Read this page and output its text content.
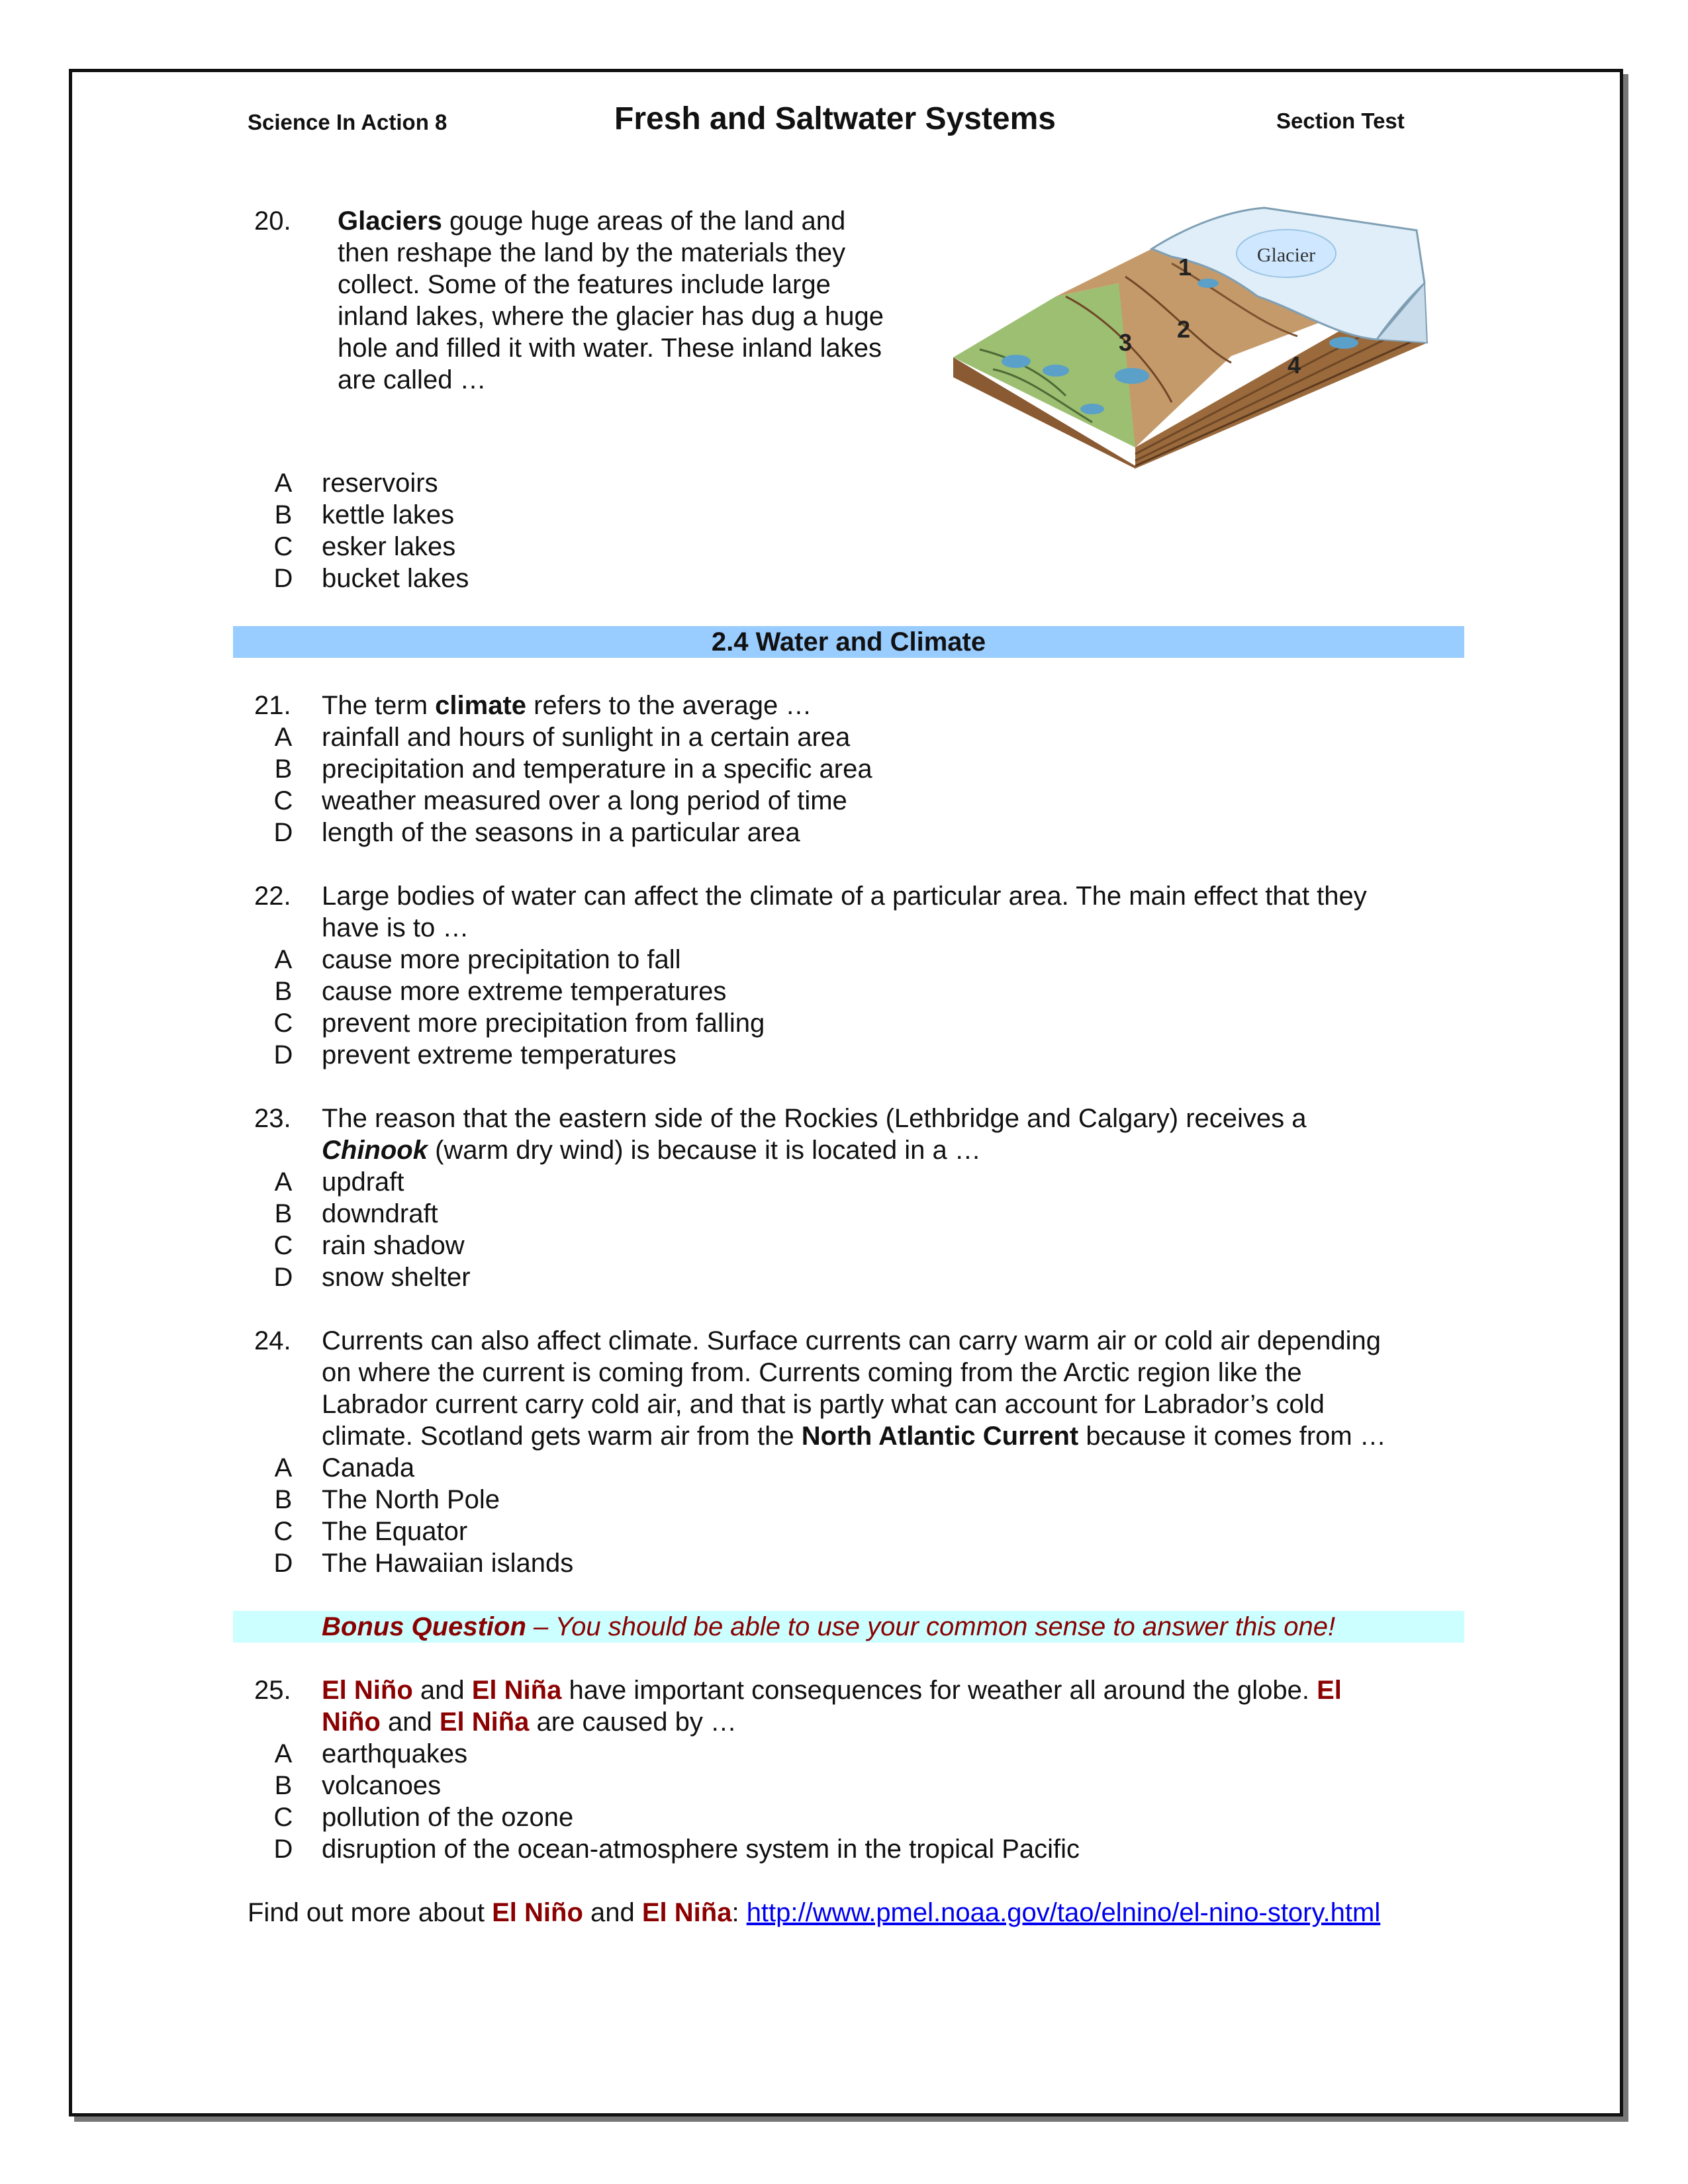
Science In Action 8	Fresh and Saltwater Systems	Section Test
20. Glaciers gouge huge areas of the land and
then reshape the land by the materials they
collect. Some of the features include large
inland lakes, where the glacier has dug a huge
hole and filled it with water. These inland lakes
are called …
Glacier
1
2
3
4
A reservoirs
B kettle lakes
C esker lakes
D bucket lakes
2.4 Water and Climate
21. The term climate refers to the average …
A rainfall and hours of sunlight in a certain area
B precipitation and temperature in a specific area
C weather measured over a long period of time
D length of the seasons in a particular area
22. Large bodies of water can affect the climate of a particular area. The main effect that they
have is to …
A cause more precipitation to fall
B cause more extreme temperatures
C prevent more precipitation from falling
D prevent extreme temperatures
23. The reason that the eastern side of the Rockies (Lethbridge and Calgary) receives a
Chinook (warm dry wind) is because it is located in a …
A updraft
B downdraft
C rain shadow
D snow shelter
24. Currents can also affect climate. Surface currents can carry warm air or cold air depending
on where the current is coming from. Currents coming from the Arctic region like the
Labrador current carry cold air, and that is partly what can account for Labrador’s cold
climate. Scotland gets warm air from the North Atlantic Current because it comes from …
A Canada
B The North Pole
C The Equator
D The Hawaiian islands
Bonus Question – You should be able to use your common sense to answer this one!
25. El Niño and El Niña have important consequences for weather all around the globe. El
Niño and El Niña are caused by …
A earthquakes
B volcanoes
C pollution of the ozone
D disruption of the ocean-atmosphere system in the tropical Pacific
Find out more about El Niño and El Niña: http://www.pmel.noaa.gov/tao/elnino/el-nino-story.html
